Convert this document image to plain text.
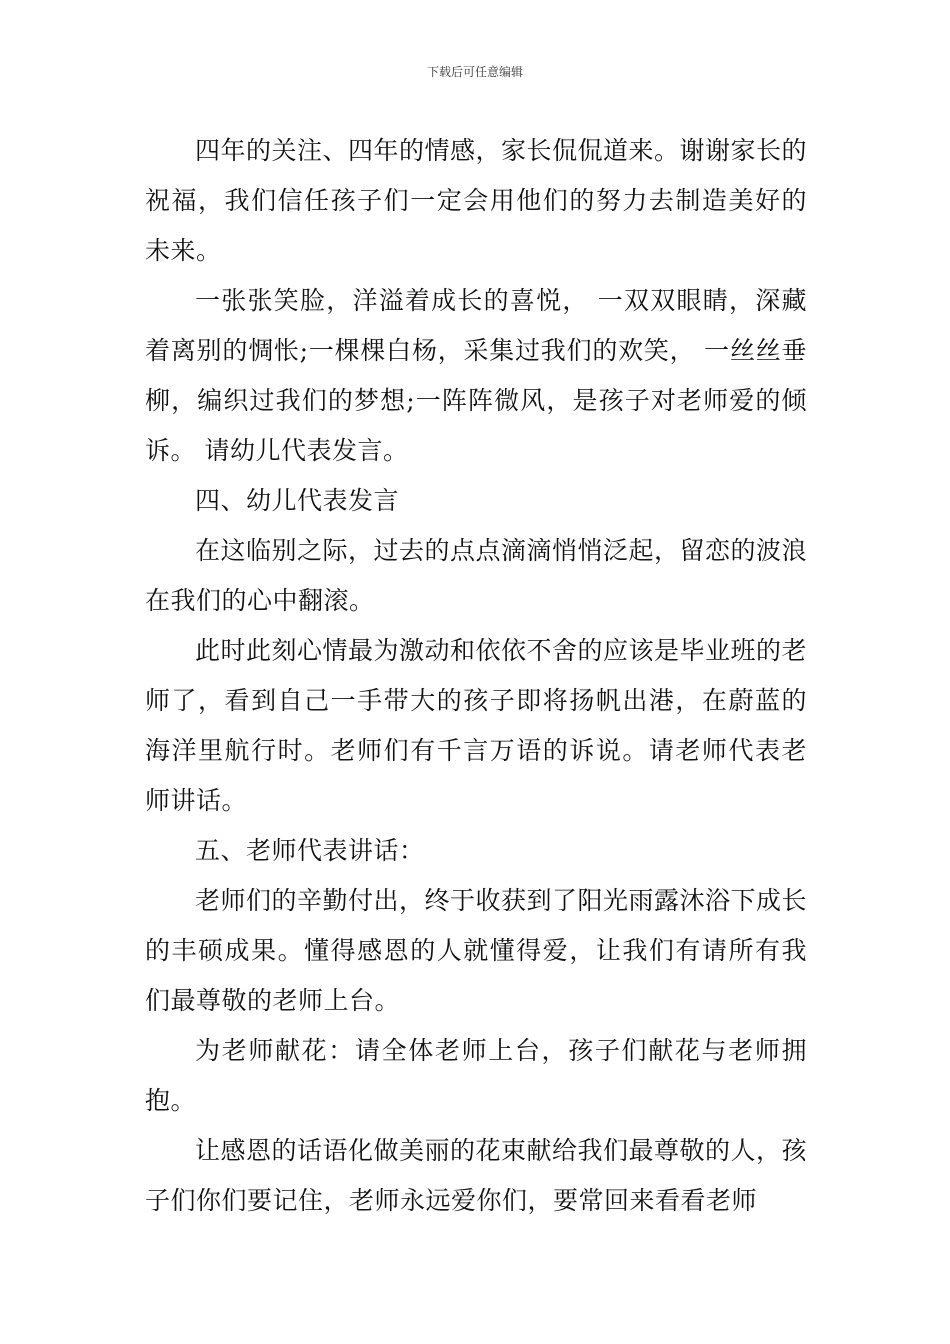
下载后可任意编辑

四年的关注、四年的情感，家长侃侃道来。谢谢家长的祝福，我们信任孩子们一定会用他们的努力去制造美好的未来。

一张张笑脸，洋溢着成长的喜悦， 一双双眼睛，深藏着离别的惆怅;一棵棵白杨，采集过我们的欢笑， 一丝丝垂柳，编织过我们的梦想;一阵阵微风，是孩子对老师爱的倾诉。 请幼儿代表发言。

四、幼儿代表发言

在这临别之际，过去的点点滴滴悄悄泛起，留恋的波浪在我们的心中翻滚。

此时此刻心情最为激动和依依不舍的应该是毕业班的老师了，看到自己一手带大的孩子即将扬帆出港，在蔚蓝的 海洋里航行时。老师们有千言万语的诉说。请老师代表老师讲话。

五、老师代表讲话：

老师们的辛勤付出，终于收获到了阳光雨露沐浴下成长的丰硕成果。懂得感恩的人就懂得爱，让我们有请所有我们最尊敬的老师上台。

为老师献花：请全体老师上台，孩子们献花与老师拥抱。

让感恩的话语化做美丽的花束献给我们最尊敬的人，孩子们你们要记住，老师永远爱你们，要常回来看看老师
